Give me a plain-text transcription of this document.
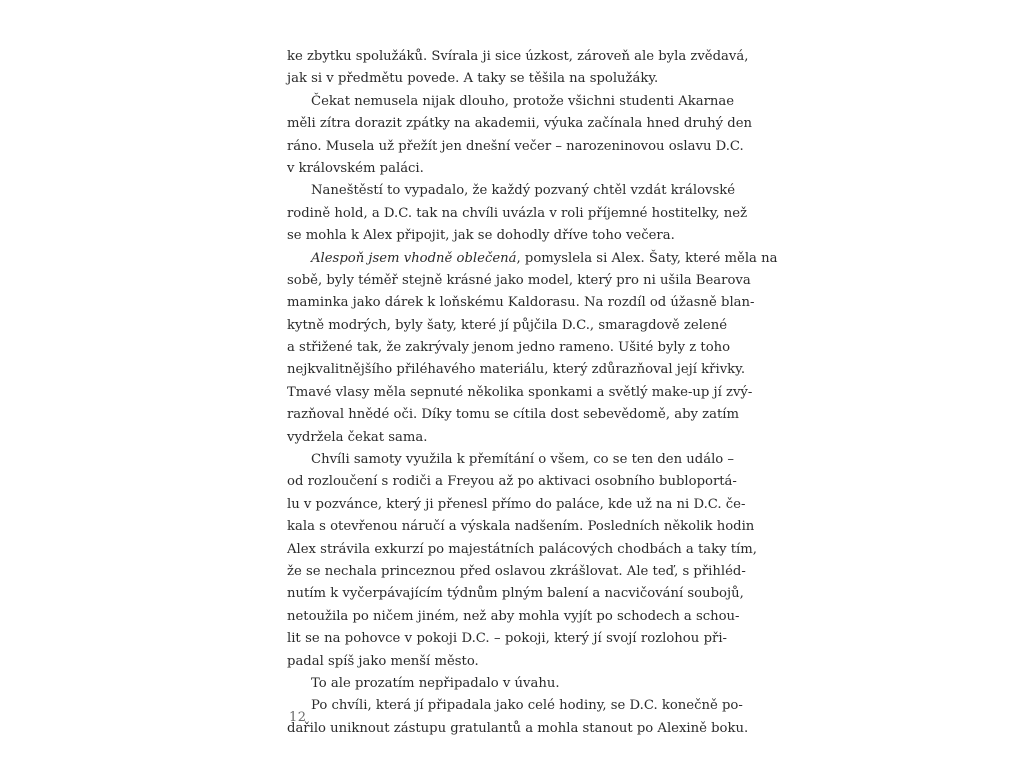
ke zbytku spolužáků. Svírala ji sice úzkost, zároveň ale byla zvědavá,
jak si v předmětu povede. A taky se těšila na spolužáky.
Čekat nemusela nijak dlouho, protože všichni studenti Akarnae
měli zítra dorazit zpátky na akademii, výuka začínala hned druhý den
ráno. Musela už přežít jen dnešní večer – narozeninovou oslavu D.C.
v královském paláci.
Naneštěstí to vypadalo, že každý pozvaný chtěl vzdát královské
rodině hold, a D.C. tak na chvíli uvázla v roli příjemné hostitelky, než
se mohla k Alex připojit, jak se dohodly dříve toho večera.
Alespoň jsem vhodně oblečená, pomyslela si Alex. Šaty, které měla na
sobě, byly téměř stejně krásné jako model, který pro ni ušila Bearova
maminka jako dárek k loňskému Kaldorasu. Na rozdíl od úžasně blan-
kytně modrých, byly šaty, které jí půjčila D.C., smaragdově zelené
a střižené tak, že zakrývaly jenom jedno rameno. Ušité byly z toho
nejkvalitnějšího přiléhavého materiálu, který zdůrazňoval její křivky.
Tmavé vlasy měla sepnuté několika sponkami a světlý make-up jí zvý-
razňoval hnědé oči. Díky tomu se cítila dost sebevědomě, aby zatím
vydržela čekat sama.
Chvíli samoty využila k přemítání o všem, co se ten den událo –
od rozloučení s rodiči a Freyou až po aktivaci osobního bubloportá-
lu v pozvánce, který ji přenesl přímo do paláce, kde už na ni D.C. če-
kala s otevřenou náručí a výskala nadšením. Posledních několik hodin
Alex strávila exkurzí po majestátních palácových chodbách a taky tím,
že se nechala princeznou před oslavou zkrášlovat. Ale teď, s přihléd-
nutím k vyčerpávajícím týdnům plným balení a nacvičování soubojů,
netoužila po ničem jiném, než aby mohla vyjít po schodech a schou-
lit se na pohovce v pokoji D.C. – pokoji, který jí svojí rozlohou při-
padal spíš jako menší město.
To ale prozatím nepřipadalo v úvahu.
Po chvíli, která jí připadala jako celé hodiny, se D.C. konečně po-
dařilo uniknout zástupu gratulantů a mohla stanout po Alexině boku.
12
